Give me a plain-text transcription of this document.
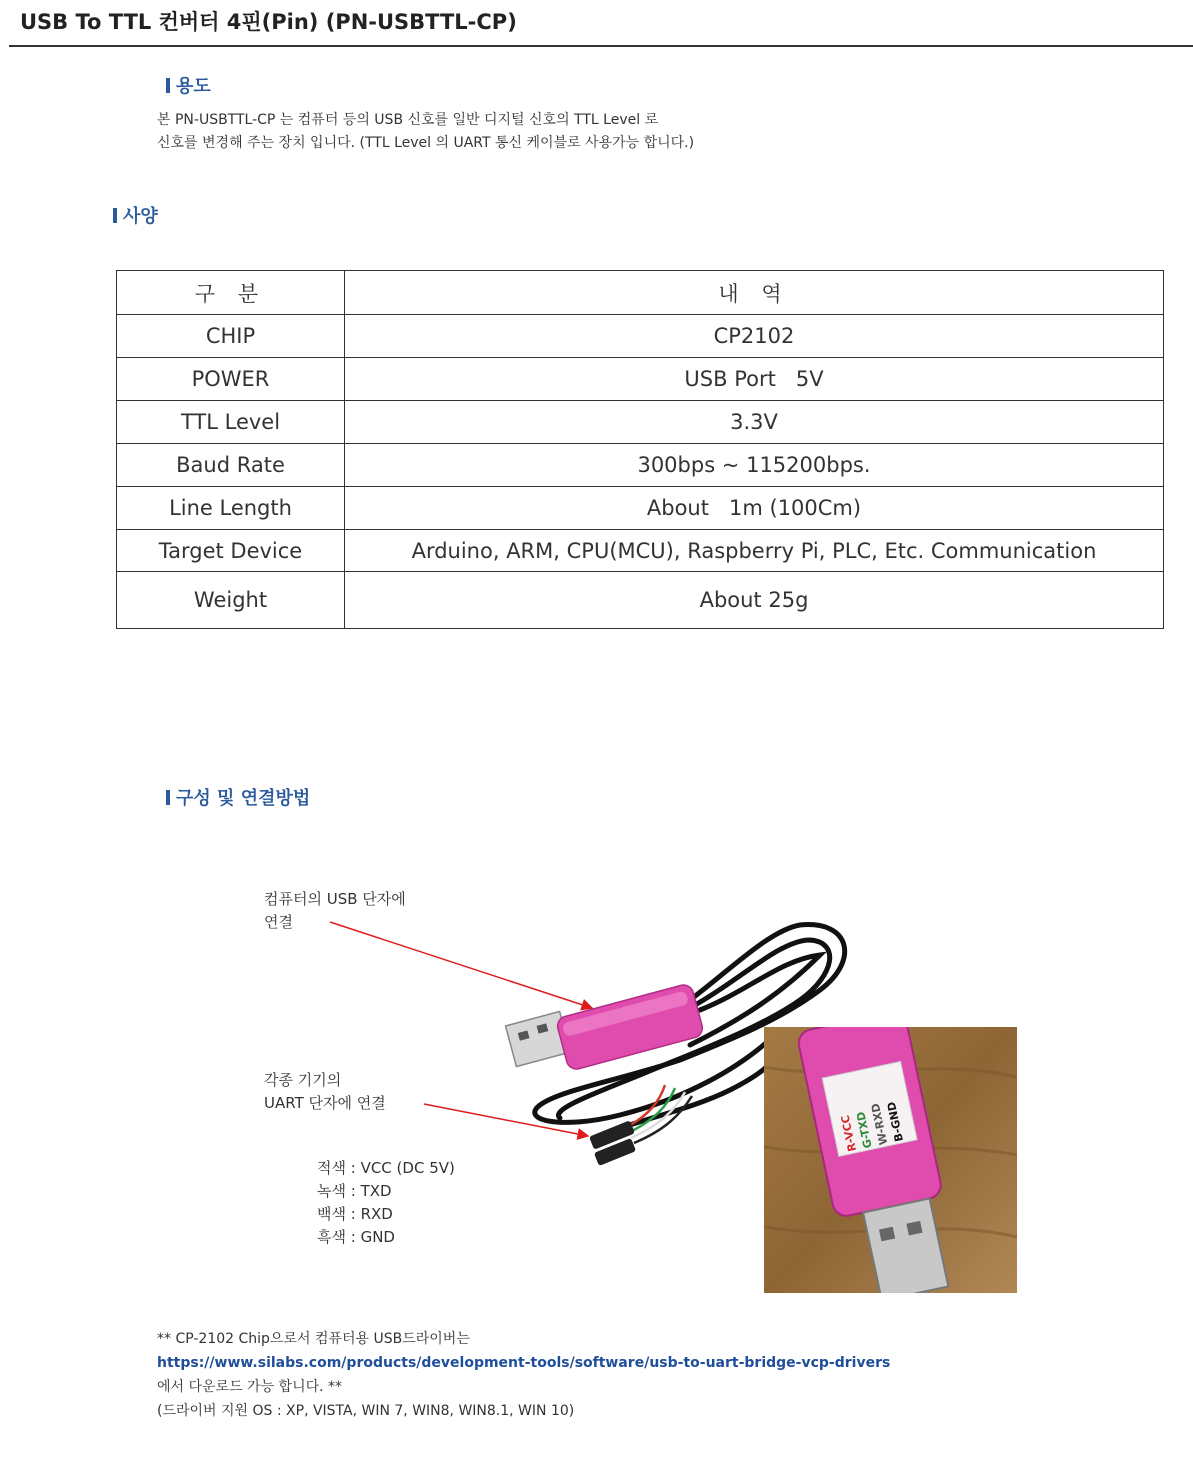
USB To TTL 컨버터 4핀(Pin) (PN-USBTTL-CP)
용도
본 PN-USBTTL-CP 는 컴퓨터 등의 USB 신호를 일반 디지털 신호의 TTL Level 로
신호를 변경해 주는 장치 입니다. (TTL Level 의 UART 통신 케이블로 사용가능 합니다.)
사양
구 분	내 역
CHIP	CP2102
POWER	USB Port   5V
TTL Level	3.3V
Baud Rate	300bps ~ 115200bps.
Line Length	About   1m (100Cm)
Target Device	Arduino, ARM, CPU(MCU), Raspberry Pi, PLC, Etc. Communication
Weight	About 25g
구성 및 연결방법
컴퓨터의 USB 단자에
연결
각종 기기의
UART 단자에 연결
적색 : VCC (DC 5V)
녹색 : TXD
백색 : RXD
흑색 : GND
R-VCC
G-TXD
W-RXD
B-GND
** CP-2102 Chip으로서 컴퓨터용 USB드라이버는
https://www.silabs.com/products/development-tools/software/usb-to-uart-bridge-vcp-drivers
에서 다운로드 가능 합니다. **
(드라이버 지원 OS : XP, VISTA, WIN 7, WIN8, WIN8.1, WIN 10)
